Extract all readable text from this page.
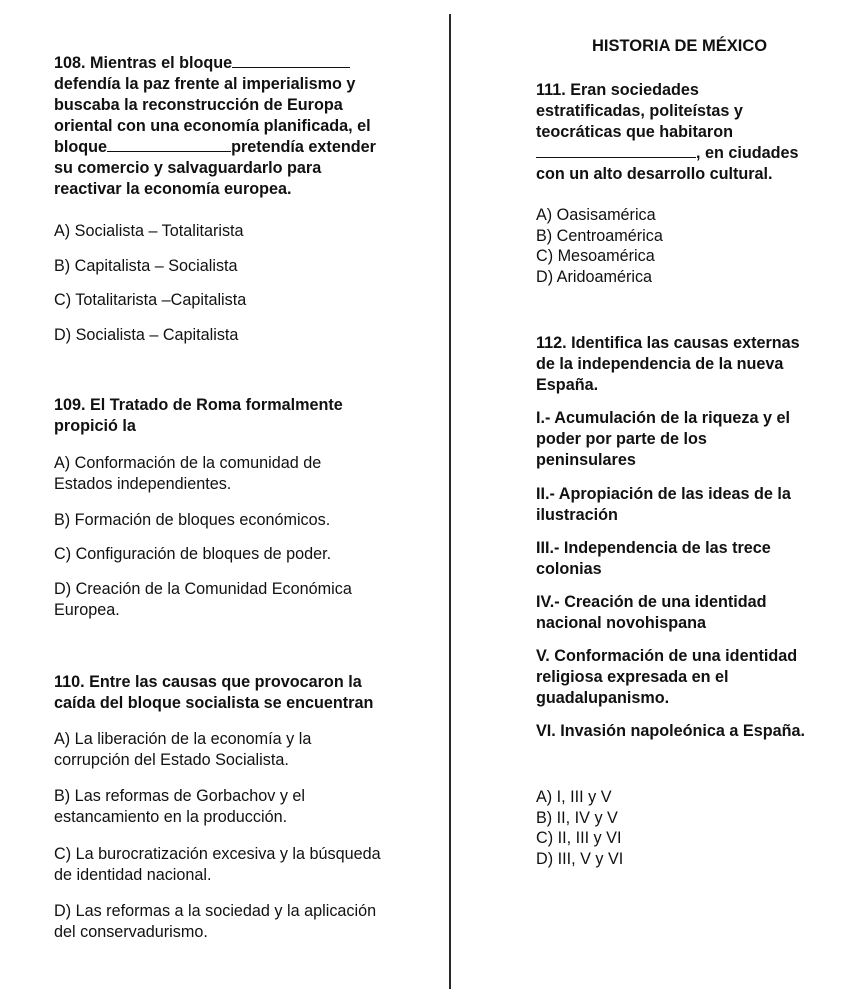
108. Mientras el bloque
defendía la paz frente al imperialismo y
buscaba la reconstrucción de Europa
oriental con una economía planificada, el
bloque	pretendía extender
su comercio y salvaguardarlo para
reactivar la economía europea.
A) Socialista – Totalitarista
B) Capitalista – Socialista
C) Totalitarista –Capitalista
D) Socialista – Capitalista
109. El Tratado de Roma formalmente
propició la
A) Conformación de la comunidad de
Estados independientes.
B) Formación de bloques económicos.
C) Configuración de bloques de poder.
D) Creación de la Comunidad Económica
Europea.
110. Entre las causas que provocaron la
caída del bloque socialista se encuentran
A) La liberación de la economía y la
corrupción del Estado Socialista.
B) Las reformas de Gorbachov y el
estancamiento en la producción.
C) La burocratización excesiva y la búsqueda
de identidad nacional.
D) Las reformas a la sociedad y la aplicación
del conservadurismo.
HISTORIA DE MÉXICO
111. Eran sociedades
estratificadas, politeístas y
teocráticas que habitaron
, en ciudades
con un alto desarrollo cultural.
A) Oasisamérica
B) Centroamérica
C) Mesoamérica
D) Aridoamérica
112. Identifica las causas externas
de la independencia de la nueva
España.
I.- Acumulación de la riqueza y el
poder por parte de los
peninsulares
II.- Apropiación de las ideas de la
ilustración
III.- Independencia de las trece
colonias
IV.- Creación de una identidad
nacional novohispana
V. Conformación de una identidad
religiosa expresada en el
guadalupanismo.
VI. Invasión napoleónica a España.
A) I, III y V
B) II, IV y V
C) II, III y VI
D) III, V y VI
